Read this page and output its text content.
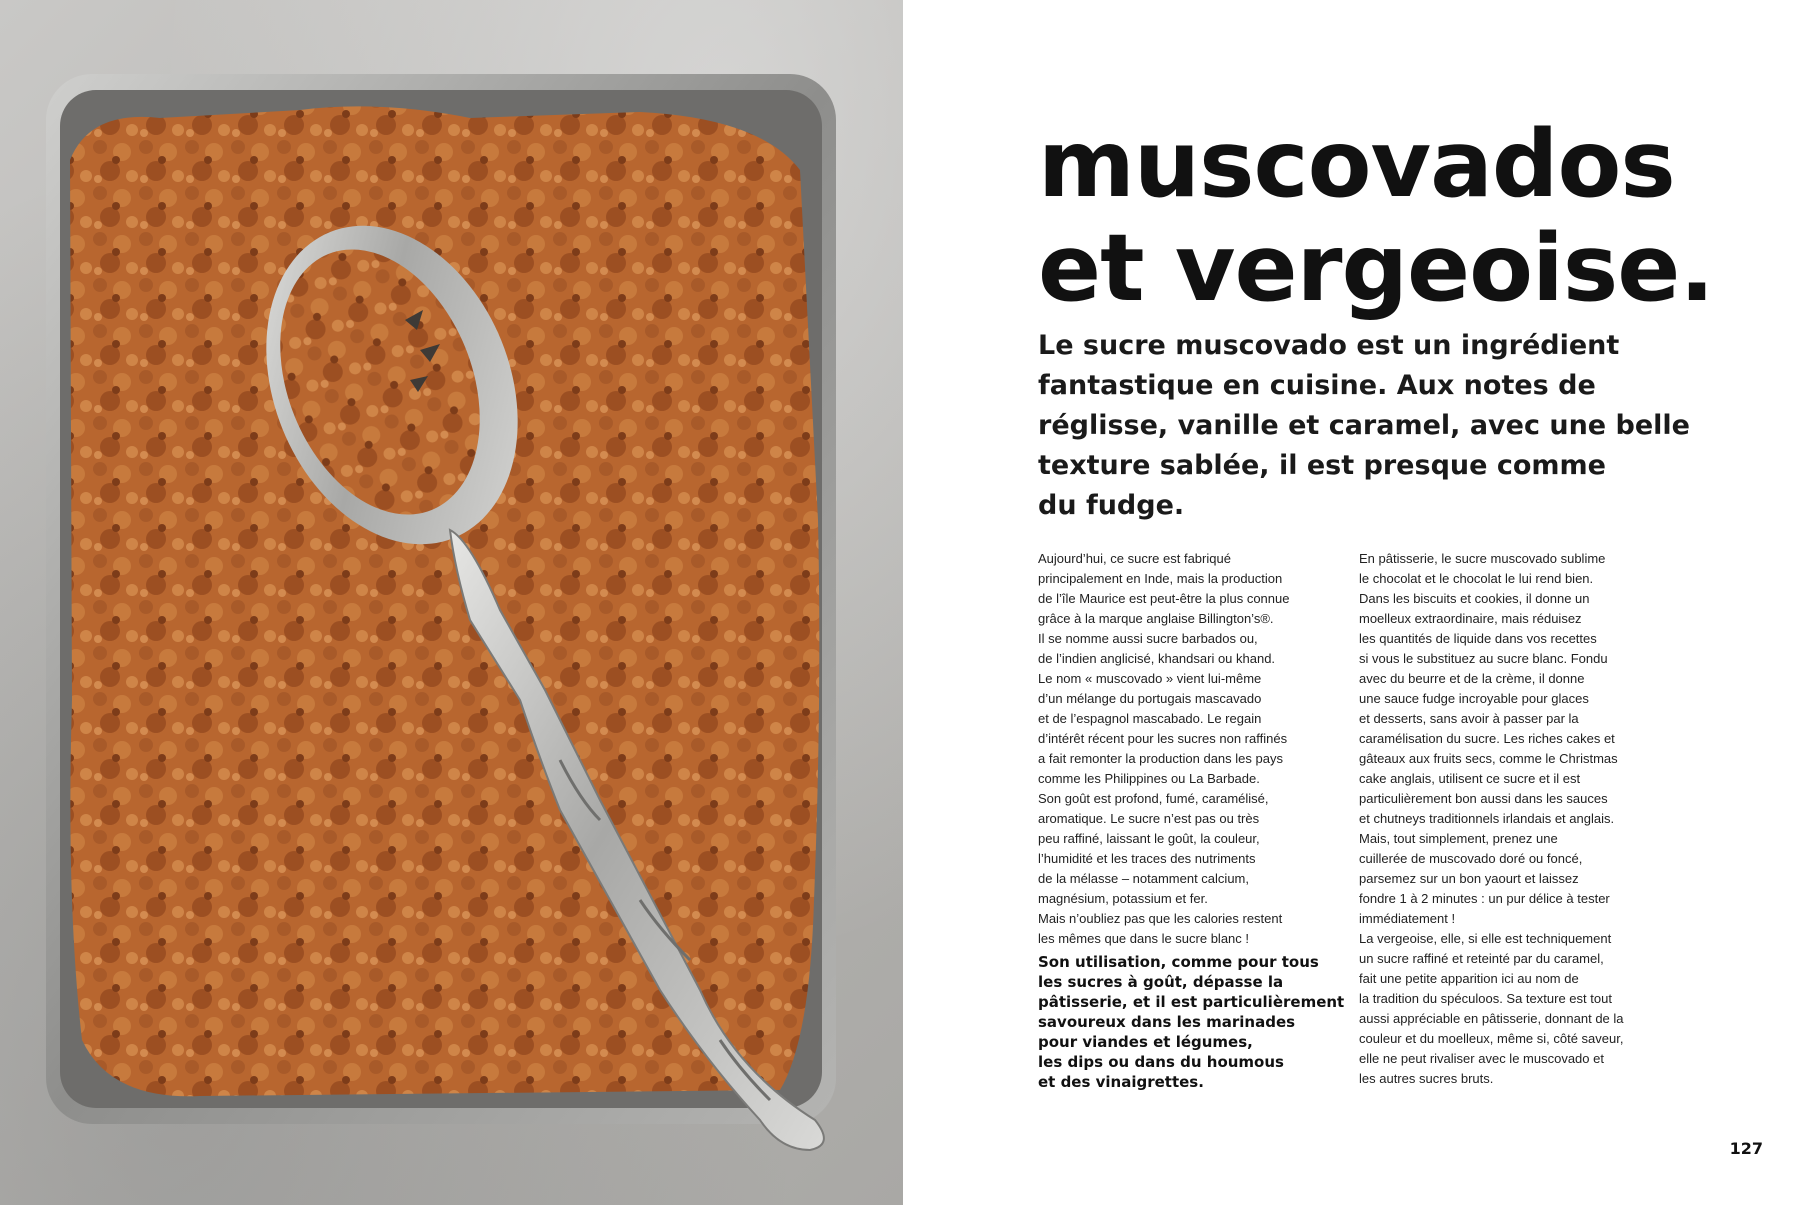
muscovados
et vergeoise.

Le sucre muscovado est un ingrédient
fantastique en cuisine. Aux notes de
réglisse, vanille et caramel, avec une belle
texture sablée, il est presque comme
du fudge.

Aujourd’hui, ce sucre est fabriqué
principalement en Inde, mais la production
de l’île Maurice est peut-être la plus connue
grâce à la marque anglaise Billington’s®.
Il se nomme aussi sucre barbados ou,
de l’indien anglicisé, khandsari ou khand.
Le nom « muscovado » vient lui-même
d’un mélange du portugais mascavado
et de l’espagnol mascabado. Le regain
d’intérêt récent pour les sucres non raffinés
a fait remonter la production dans les pays
comme les Philippines ou La Barbade.
Son goût est profond, fumé, caramélisé,
aromatique. Le sucre n’est pas ou très
peu raffiné, laissant le goût, la couleur,
l’humidité et les traces des nutriments
de la mélasse – notamment calcium,
magnésium, potassium et fer.
Mais n’oubliez pas que les calories restent
les mêmes que dans le sucre blanc !
Son utilisation, comme pour tous
les sucres à goût, dépasse la
pâtisserie, et il est particulièrement
savoureux dans les marinades
pour viandes et légumes,
les dips ou dans du houmous
et des vinaigrettes.
En pâtisserie, le sucre muscovado sublime
le chocolat et le chocolat le lui rend bien.
Dans les biscuits et cookies, il donne un
moelleux extraordinaire, mais réduisez
les quantités de liquide dans vos recettes
si vous le substituez au sucre blanc. Fondu
avec du beurre et de la crème, il donne
une sauce fudge incroyable pour glaces
et desserts, sans avoir à passer par la
caramélisation du sucre. Les riches cakes et
gâteaux aux fruits secs, comme le Christmas
cake anglais, utilisent ce sucre et il est
particulièrement bon aussi dans les sauces
et chutneys traditionnels irlandais et anglais.
Mais, tout simplement, prenez une
cuillerée de muscovado doré ou foncé,
parsemez sur un bon yaourt et laissez
fondre 1 à 2 minutes : un pur délice à tester
immédiatement !
La vergeoise, elle, si elle est techniquement
un sucre raffiné et reteinté par du caramel,
fait une petite apparition ici au nom de
la tradition du spéculoos. Sa texture est tout
aussi appréciable en pâtisserie, donnant de la
couleur et du moelleux, même si, côté saveur,
elle ne peut rivaliser avec le muscovado et
les autres sucres bruts.
127
